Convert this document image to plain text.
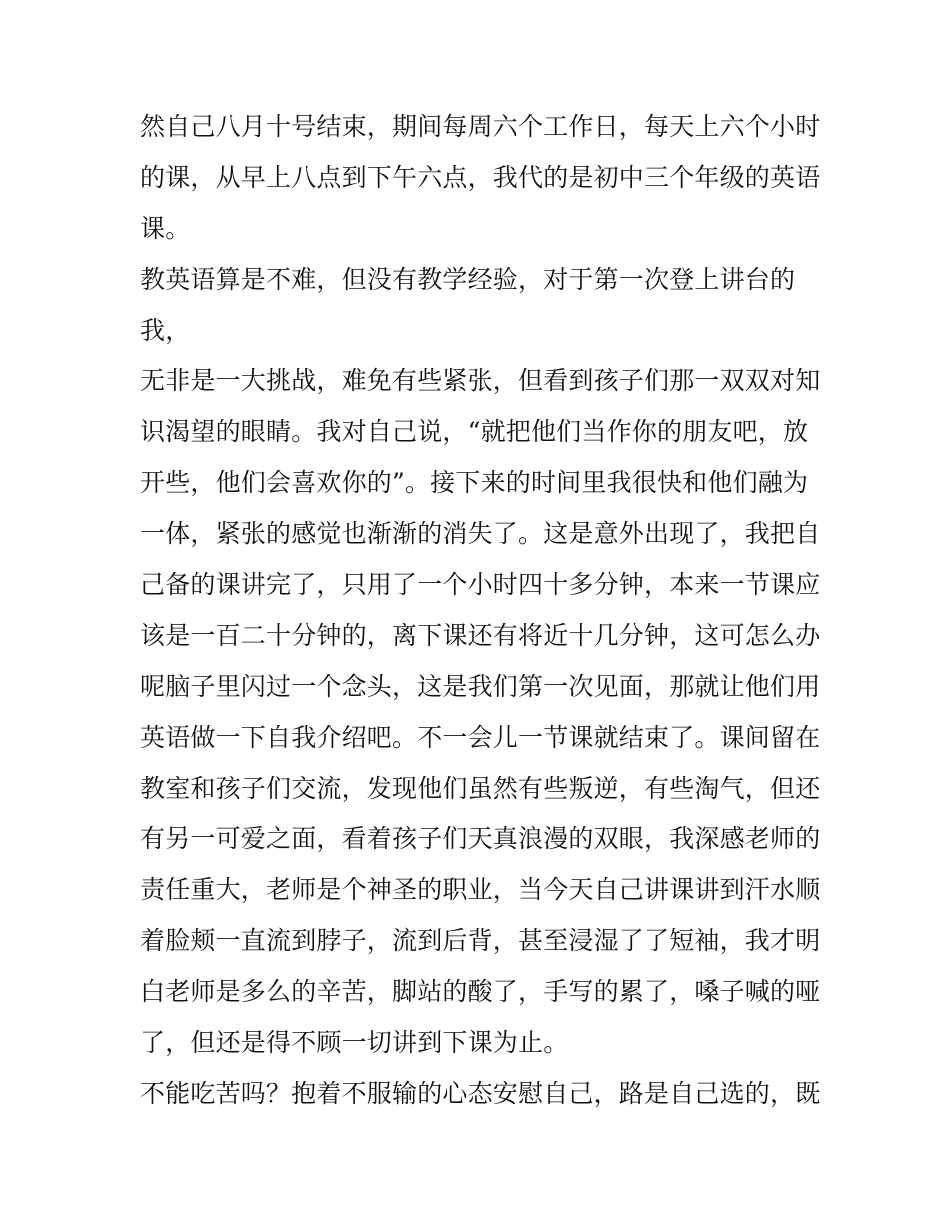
然自己八月十号结束，期间每周六个工作日，每天上六个小时
的课，从早上八点到下午六点，我代的是初中三个年级的英语
课。
教英语算是不难，但没有教学经验，对于第一次登上讲台的
我，
无非是一大挑战，难免有些紧张，但看到孩子们那一双双对知
识渴望的眼睛。我对自己说，“就把他们当作你的朋友吧，放
开些，他们会喜欢你的”。接下来的时间里我很快和他们融为
一体，紧张的感觉也渐渐的消失了。这是意外出现了，我把自
己备的课讲完了，只用了一个小时四十多分钟，本来一节课应
该是一百二十分钟的，离下课还有将近十几分钟，这可怎么办
呢脑子里闪过一个念头，这是我们第一次见面，那就让他们用
英语做一下自我介绍吧。不一会儿一节课就结束了。课间留在
教室和孩子们交流，发现他们虽然有些叛逆，有些淘气，但还
有另一可爱之面，看着孩子们天真浪漫的双眼，我深感老师的
责任重大，老师是个神圣的职业，当今天自己讲课讲到汗水顺
着脸颊一直流到脖子，流到后背，甚至浸湿了了短袖，我才明
白老师是多么的辛苦，脚站的酸了，手写的累了，嗓子喊的哑
了，但还是得不顾一切讲到下课为止。
不能吃苦吗？抱着不服输的心态安慰自己，路是自己选的，既
